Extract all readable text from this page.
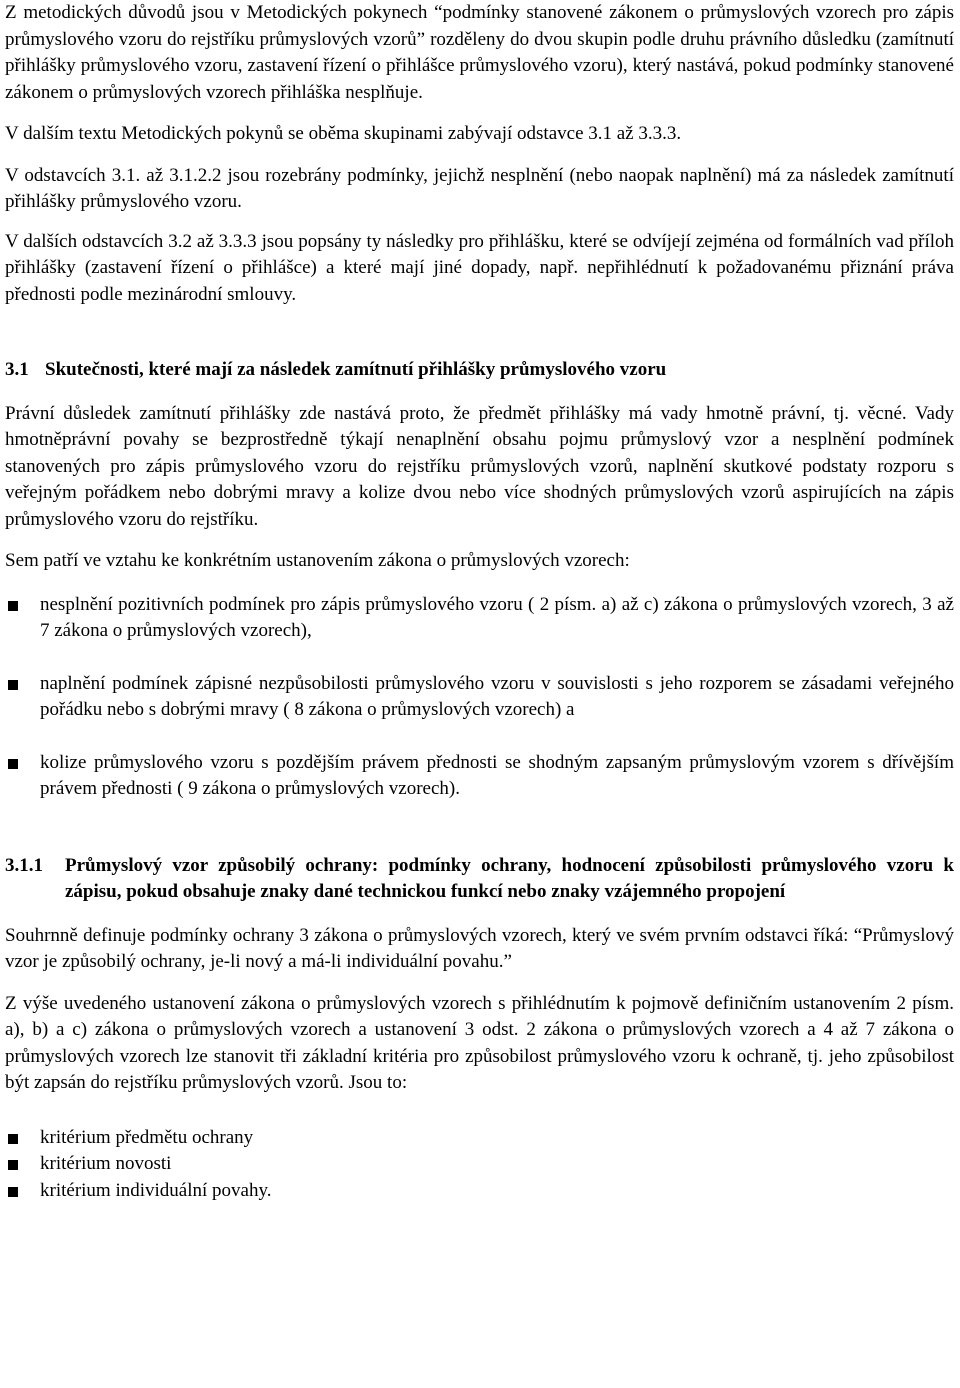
Z metodických důvodů jsou v Metodických pokynech “podmínky stanovené zákonem o průmyslových vzorech pro zápis průmyslového vzoru do rejstříku průmyslových vzorů” rozděleny do dvou skupin podle druhu právního důsledku (zamítnutí přihlášky průmyslového vzoru, zastavení řízení o přihlášce průmyslového vzoru), který nastává, pokud podmínky stanovené zákonem o průmyslových vzorech přihláška nesplňuje.

V dalším textu Metodických pokynů se oběma skupinami zabývají odstavce 3.1 až 3.3.3.

V odstavcích 3.1. až 3.1.2.2 jsou rozebrány podmínky, jejichž nesplnění (nebo naopak naplnění) má za následek zamítnutí přihlášky průmyslového vzoru.

V dalších odstavcích 3.2 až 3.3.3 jsou popsány ty následky pro přihlášku, které se odvíjejí zejména od formálních vad příloh přihlášky (zastavení řízení o přihlášce) a které mají jiné dopady, např. nepřihlédnutí k požadovanému přiznání práva přednosti podle mezinárodní smlouvy.

3.1 Skutečnosti, které mají za následek zamítnutí přihlášky průmyslového vzoru

Právní důsledek zamítnutí přihlášky zde nastává proto, že předmět přihlášky má vady hmotně právní, tj. věcné. Vady hmotněprávní povahy se bezprostředně týkají nenaplnění obsahu pojmu průmyslový vzor a nesplnění podmínek stanovených pro zápis průmyslového vzoru do rejstříku průmyslových vzorů, naplnění skutkové podstaty rozporu s veřejným pořádkem nebo dobrými mravy a kolize dvou nebo více shodných průmyslových vzorů aspirujících na zápis průmyslového vzoru do rejstříku.

Sem patří ve vztahu ke konkrétním ustanovením zákona o průmyslových vzorech:

nesplnění pozitivních podmínek pro zápis průmyslového vzoru ( 2 písm. a) až c) zákona o průmyslových vzorech, 3 až 7 zákona o průmyslových vzorech),
naplnění podmínek zápisné nezpůsobilosti průmyslového vzoru v souvislosti s jeho rozporem se zásadami veřejného pořádku nebo s dobrými mravy ( 8 zákona o průmyslových vzorech) a
kolize průmyslového vzoru s pozdějším právem přednosti se shodným zapsaným průmyslovým vzorem s dřívějším právem přednosti ( 9 zákona o průmyslových vzorech).
3.1.1	Průmyslový vzor způsobilý ochrany: podmínky ochrany, hodnocení způsobilosti průmyslového vzoru k zápisu, pokud obsahuje znaky dané technickou funkcí nebo znaky vzájemného propojení

Souhrnně definuje podmínky ochrany 3 zákona o průmyslových vzorech, který ve svém prvním odstavci říká: “Průmyslový vzor je způsobilý ochrany, je-li nový a má-li individuální povahu.”

Z výše uvedeného ustanovení zákona o průmyslových vzorech s přihlédnutím k pojmově definičním ustanovením 2 písm. a), b) a c) zákona o průmyslových vzorech a ustanovení 3 odst. 2 zákona o průmyslových vzorech a 4 až 7 zákona o průmyslových vzorech lze stanovit tři základní kritéria pro způsobilost průmyslového vzoru k ochraně, tj. jeho způsobilost být zapsán do rejstříku průmyslových vzorů. Jsou to:

kritérium předmětu ochrany
kritérium novosti
kritérium individuální povahy.
